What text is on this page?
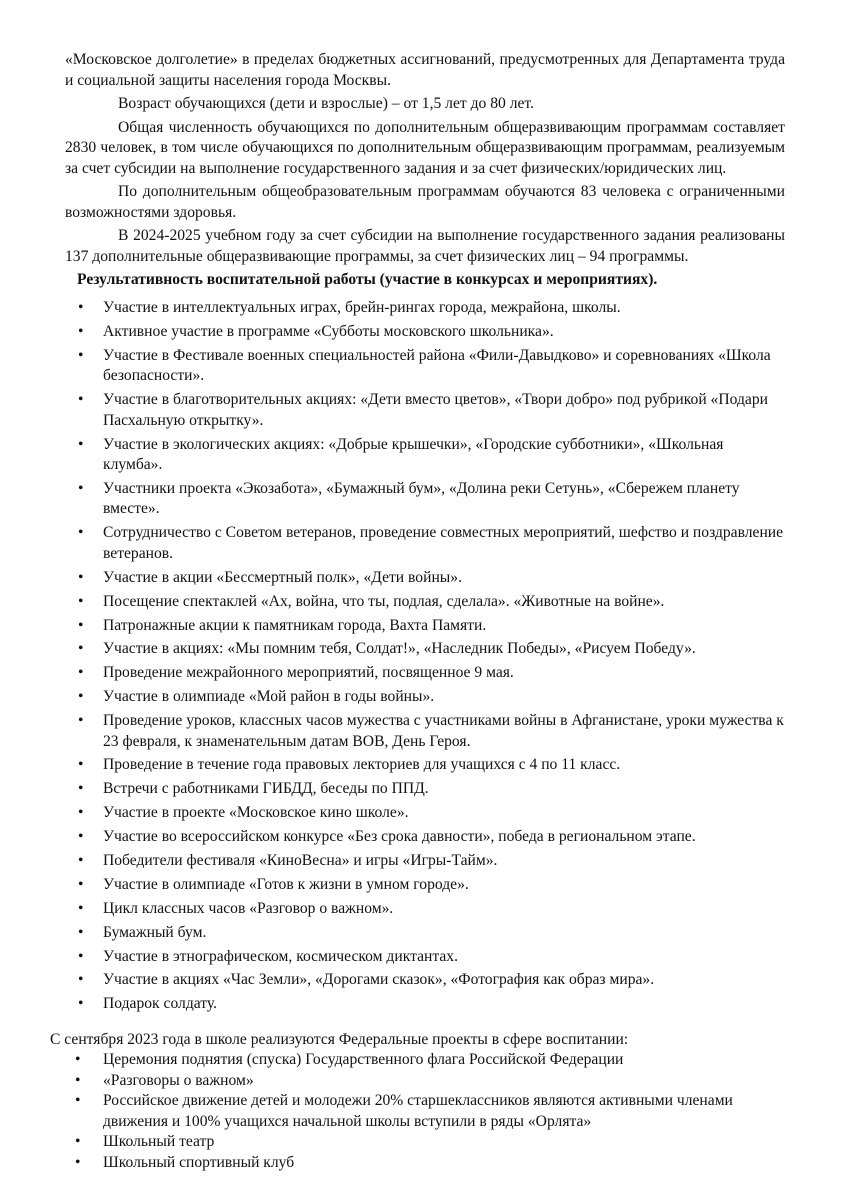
«Московское долголетие» в пределах бюджетных ассигнований, предусмотренных для Департамента труда и социальной защиты населения города Москвы.

Возраст обучающихся (дети и взрослые) – от 1,5 лет до 80 лет.

Общая численность обучающихся по дополнительным общеразвивающим программам составляет 2830 человек, в том числе обучающихся по дополнительным общеразвивающим программам, реализуемым за счет субсидии на выполнение государственного задания и за счет физических/юридических лиц.

По дополнительным общеобразовательным программам обучаются 83 человека с ограниченными возможностями здоровья.

В 2024-2025 учебном году за счет субсидии на выполнение государственного задания реализованы 137 дополнительные общеразвивающие программы, за счет физических лиц – 94 программы.

Результативность воспитательной работы (участие в конкурсах и мероприятиях).
• Участие в интеллектуальных играх, брейн-рингах города, межрайона, школы.
• Активное участие в программе «Субботы московского школьника».
• Участие в Фестивале военных специальностей района «Фили-Давыдково» и соревнованиях «Школа безопасности».
• Участие в благотворительных акциях: «Дети вместо цветов», «Твори добро» под рубрикой «Подари Пасхальную открытку».
• Участие в экологических акциях: «Добрые крышечки», «Городские субботники», «Школьная клумба».
• Участники проекта «Экозабота», «Бумажный бум», «Долина реки Сетунь», «Сбережем планету вместе».
• Сотрудничество с Советом ветеранов, проведение совместных мероприятий, шефство и поздравление ветеранов.
• Участие в акции «Бессмертный полк», «Дети войны».
• Посещение спектаклей «Ах, война, что ты, подлая, сделала». «Животные на войне».
• Патронажные акции к памятникам города, Вахта Памяти.
• Участие в акциях: «Мы помним тебя, Солдат!», «Наследник Победы», «Рисуем Победу».
• Проведение межрайонного мероприятий, посвященное 9 мая.
• Участие в олимпиаде «Мой район в годы войны».
• Проведение уроков, классных часов мужества с участниками войны в Афганистане, уроки мужества к 23 февраля, к знаменательным датам ВОВ, День Героя.
• Проведение в течение года правовых лекториев для учащихся с 4 по 11 класс.
• Встречи с работниками ГИБДД, беседы по ППД.
• Участие в проекте «Московское кино школе».
• Участие во всероссийском конкурсе «Без срока давности», победа в региональном этапе.
• Победители фестиваля «КиноВесна» и игры «Игры-Тайм».
• Участие в олимпиаде «Готов к жизни в умном городе».
• Цикл классных часов «Разговор о важном».
• Бумажный бум.
• Участие в этнографическом, космическом диктантах.
• Участие в акциях «Час Земли», «Дорогами сказок», «Фотография как образ мира».
• Подарок солдату.

С сентября 2023 года в школе реализуются Федеральные проекты в сфере воспитании:

• Церемония поднятия (спуска) Государственного флага Российской Федерации
• «Разговоры о важном»
• Российское движение детей и молодежи 20% старшеклассников являются активными членами движения и 100% учащихся начальной школы вступили в ряды «Орлята»
• Школьный театр
• Школьный спортивный клуб
